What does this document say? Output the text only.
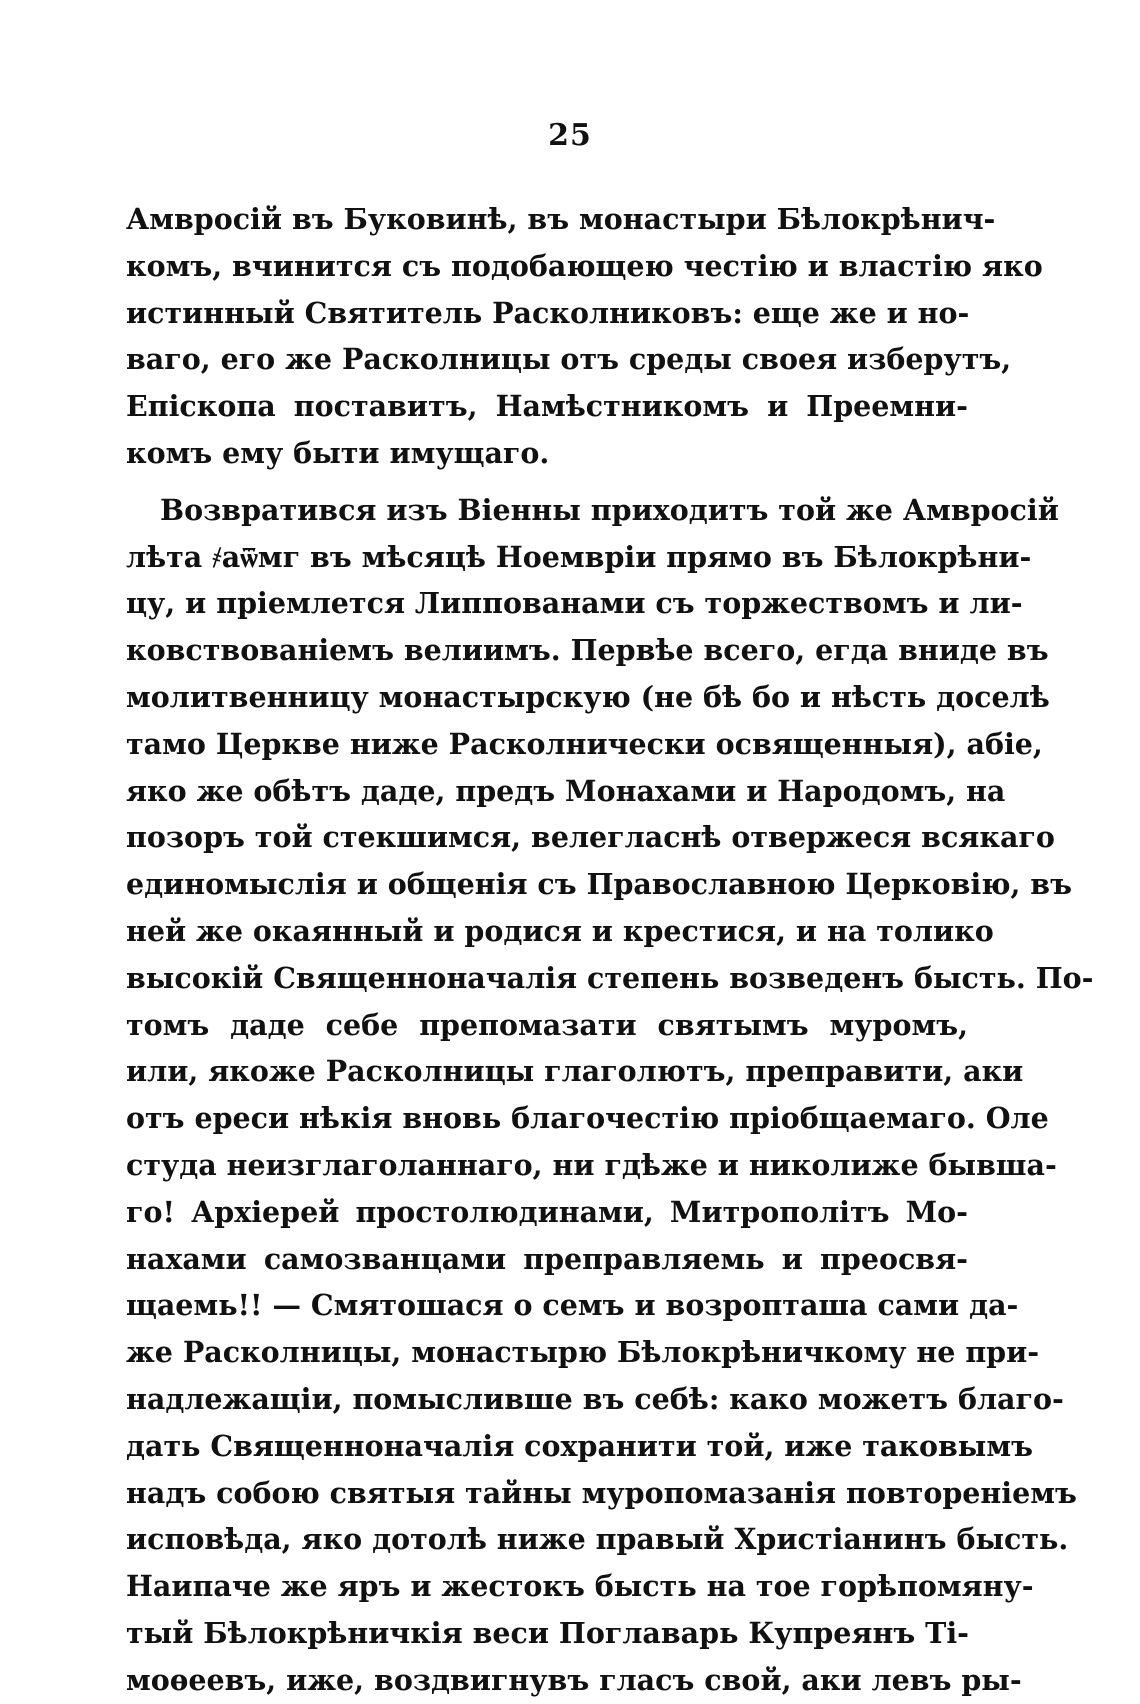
25
Амвросій въ Буковинѣ, въ монастыри Бѣлокрѣнич-
комъ, вчинится съ подобающею честію и властію яко
истинный Святитель Расколниковъ: еще же и но-
ваго, его же Расколницы отъ среды своея изберутъ,
Епіскопа поставитъ, Намѣстникомъ и Преемни-
комъ ему быти имущаго.
Возвратився изъ Віенны приходитъ той же Амвросій
лѣта ҂аѿмг въ мѣсяцѣ Ноемвріи прямо въ Бѣлокрѣни-
цу, и пріемлется Липпованами съ торжествомъ и ли-
ковствованіемъ велиимъ. Первѣе всего, егда вниде въ
молитвенницу монастырскую (не бѣ бо и нѣсть доселѣ
тамо Церкве ниже Расколнически освященныя), абіе,
яко же обѣтъ даде, предъ Монахами и Народомъ, на
позоръ той стекшимся, велегласнѣ отвержеся всякаго
единомыслія и общенія съ Православною Церковію, въ
ней же окаянный и родися и крестися, и на толико
высокій Священноначалія степень возведенъ бысть. По-
томъ даде себе препомазати святымъ муромъ,
или, якоже Расколницы глаголютъ, преправити, аки
отъ ереси нѣкія вновь благочестію пріобщаемаго. Оле
студа неизглаголаннаго, ни гдѣже и николиже бывша-
го! Архіерей простолюдинами, Митрополітъ Мо-
нахами самозванцами преправляемь и преосвя-
щаемь!! — Смятошася о семъ и возропташа сами да-
же Расколницы, монастырю Бѣлокрѣничкому не при-
надлежащіи, помысливше въ себѣ: како можетъ благо-
дать Священноначалія сохранити той, иже таковымъ
надъ собою святыя тайны муропомазанія повтореніемъ
исповѣда, яко дотолѣ ниже правый Христіанинъ бысть.
Наипаче же яръ и жестокъ бысть на тое горѣпомяну-
тый Бѣлокрѣничкія веси Поглаварь Купреянъ Ті-
моѳеевъ, иже, воздвигнувъ гласъ свой, аки левъ ры-
